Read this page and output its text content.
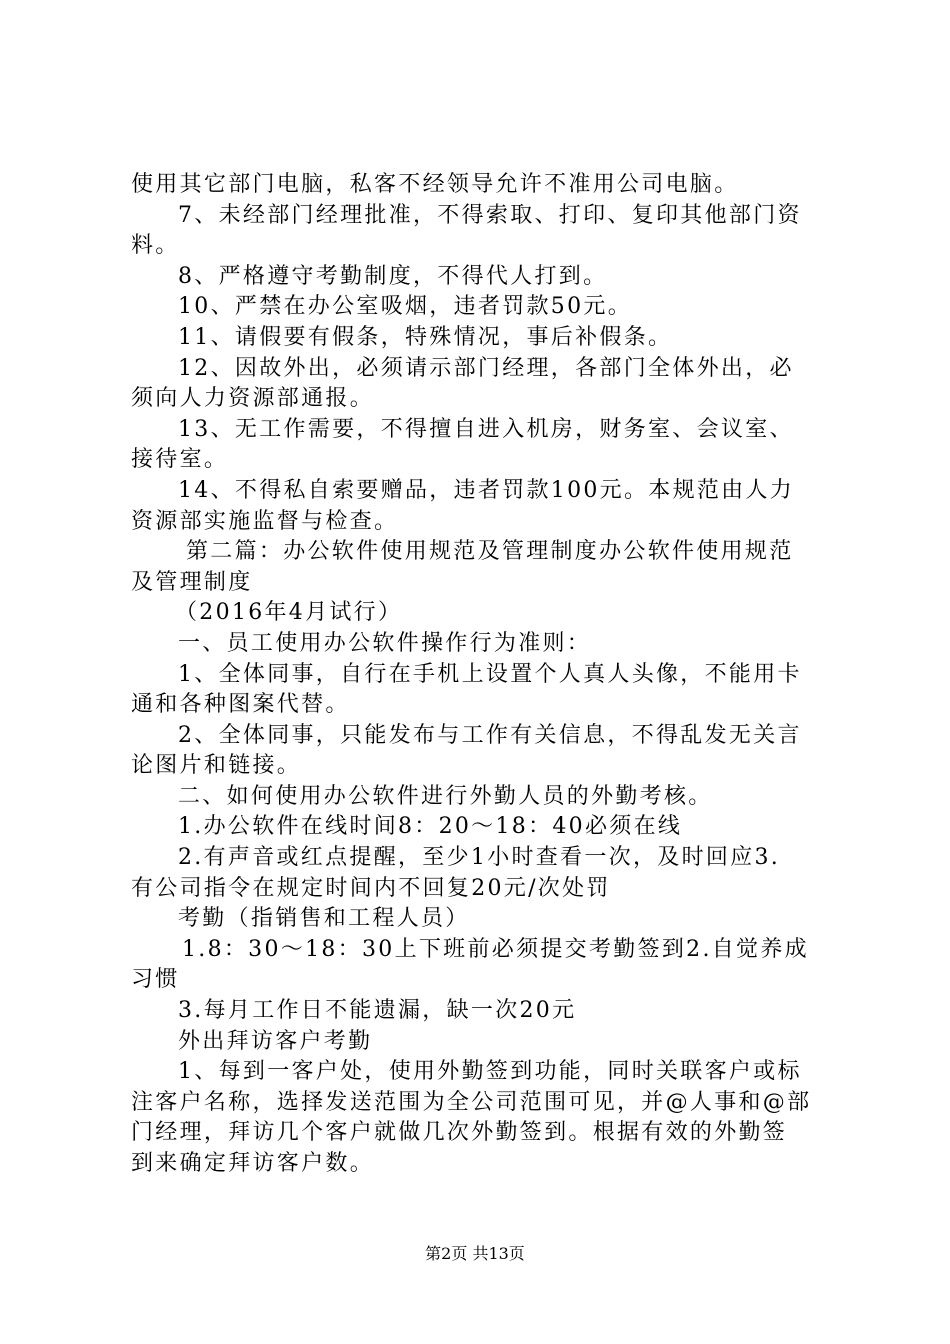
使用其它部门电脑，私客不经领导允许不准用公司电脑。
7、未经部门经理批准，不得索取、打印、复印其他部门资
料。
8、严格遵守考勤制度，不得代人打到。
10、严禁在办公室吸烟，违者罚款50元。
11、请假要有假条，特殊情况，事后补假条。
12、因故外出，必须请示部门经理，各部门全体外出，必
须向人力资源部通报。
13、无工作需要，不得擅自进入机房，财务室、会议室、
接待室。
14、不得私自索要赠品，违者罚款100元。本规范由人力
资源部实施监督与检查。
第二篇：办公软件使用规范及管理制度办公软件使用规范
及管理制度
（2016年4月试行）
一、员工使用办公软件操作行为准则：
1、全体同事，自行在手机上设置个人真人头像，不能用卡
通和各种图案代替。
2、全体同事，只能发布与工作有关信息，不得乱发无关言
论图片和链接。
二、如何使用办公软件进行外勤人员的外勤考核。
1.办公软件在线时间8：20～18：40必须在线
2.有声音或红点提醒，至少1小时查看一次，及时回应3.
有公司指令在规定时间内不回复20元/次处罚
考勤（指销售和工程人员）
1.8：30～18：30上下班前必须提交考勤签到2.自觉养成
习惯
3.每月工作日不能遗漏，缺一次20元
外出拜访客户考勤
1、每到一客户处，使用外勤签到功能，同时关联客户或标
注客户名称，选择发送范围为全公司范围可见，并@人事和@部
门经理，拜访几个客户就做几次外勤签到。根据有效的外勤签
到来确定拜访客户数。
第2页 共13页
